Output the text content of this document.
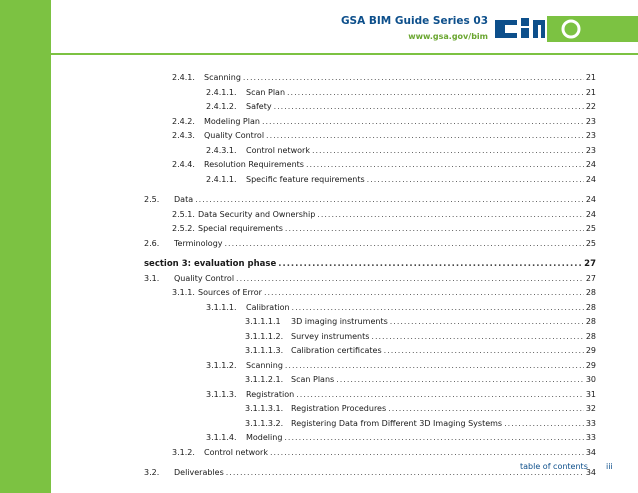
GSA BIM Guide Series 03
www.gsa.gov/bim
2.4.1.	Scanning .....	21
2.4.1.1.	Scan Plan .....	21
2.4.1.2.	Safety .....	22
2.4.2.	Modeling Plan .....	23
2.4.3.	Quality Control .....	23
2.4.3.1.	Control network .....	23
2.4.4.	Resolution Requirements .....	24
2.4.1.1.	Specific feature requirements .....	24
2.5.	Data .....	24
2.5.1. Data Security and Ownership .....	24
2.5.2. Special requirements .....	25
2.6.	Terminology .....	25
section 3: evaluation phase .....	27
3.1.	Quality Control .....	27
3.1.1. Sources of Error .....	28
3.1.1.1.	Calibration .....	28
3.1.1.1.1	3D imaging instruments .....	28
3.1.1.1.2. Survey instruments .....	28
3.1.1.1.3. Calibration certificates .....	29
3.1.1.2.	Scanning .....	29
3.1.1.2.1. Scan Plans .....	30
3.1.1.3.	Registration .....	31
3.1.1.3.1. Registration Procedures .....	32
3.1.1.3.2. Registering Data from Different 3D Imaging Systems .....	33
3.1.1.4.	Modeling .....	33
3.1.2.	Control network .....	34
3.2.	Deliverables .....	34
table of contents iii
